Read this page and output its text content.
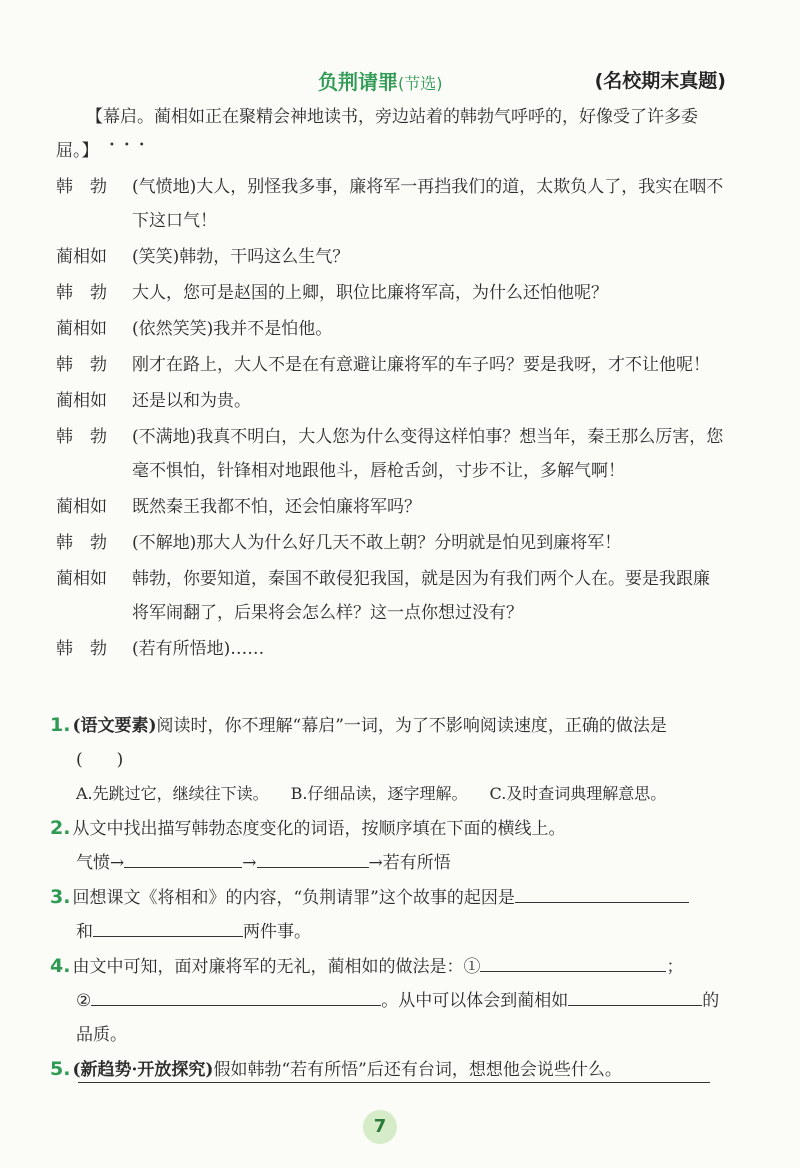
负荆请罪(节选)	(名校期末真题)
【幕启
•••
。蔺相如正在聚精会神地读书，旁边站着的韩勃气呼呼的，好像受了许多委屈。】
韩　勃	(气愤地)大人，别怪我多事，廉将军一再挡我们的道，太欺负人了，我实在咽不下这口气！
蔺相如	(笑笑)韩勃，干吗这么生气？
韩　勃	大人，您可是赵国的上卿，职位比廉将军高，为什么还怕他呢？
蔺相如	(依然笑笑)我并不是怕他。
韩　勃	刚才在路上，大人不是在有意避让廉将军的车子吗？要是我呀，才不让他呢！
蔺相如	还是以和为贵。
韩　勃	(不满地)我真不明白，大人您为什么变得这样怕事？想当年，秦王那么厉害，您毫不惧怕，针锋相对地跟他斗，唇枪舌剑，寸步不让，多解气啊！
蔺相如	既然秦王我都不怕，还会怕廉将军吗？
韩　勃	(不解地)那大人为什么好几天不敢上朝？分明就是怕见到廉将军！
蔺相如	韩勃，你要知道，秦国不敢侵犯我国，就是因为有我们两个人在。要是我跟廉将军闹翻了，后果将会怎么样？这一点你想过没有？
韩　勃	(若有所悟地)……
1. (语文要素)阅读时，你不理解“幕启”一词，为了不影响阅读速度，正确的做法是
(　　)
A.先跳过它，继续往下读。 B.仔细品读，逐字理解。 C.及时查词典理解意思。
2. 从文中找出描写韩勃态度变化的词语，按顺序填在下面的横线上。
气愤→	→	→若有所悟
3. 回想课文《将相和》的内容，“负荆请罪”这个故事的起因是
和	两件事。
4. 由文中可知，面对廉将军的无礼，蔺相如的做法是：①	；
②	。从中可以体会到蔺相如	的品质。
5. (新趋势·开放探究)假如韩勃“若有所悟”后还有台词，想想他会说些什么。
7
